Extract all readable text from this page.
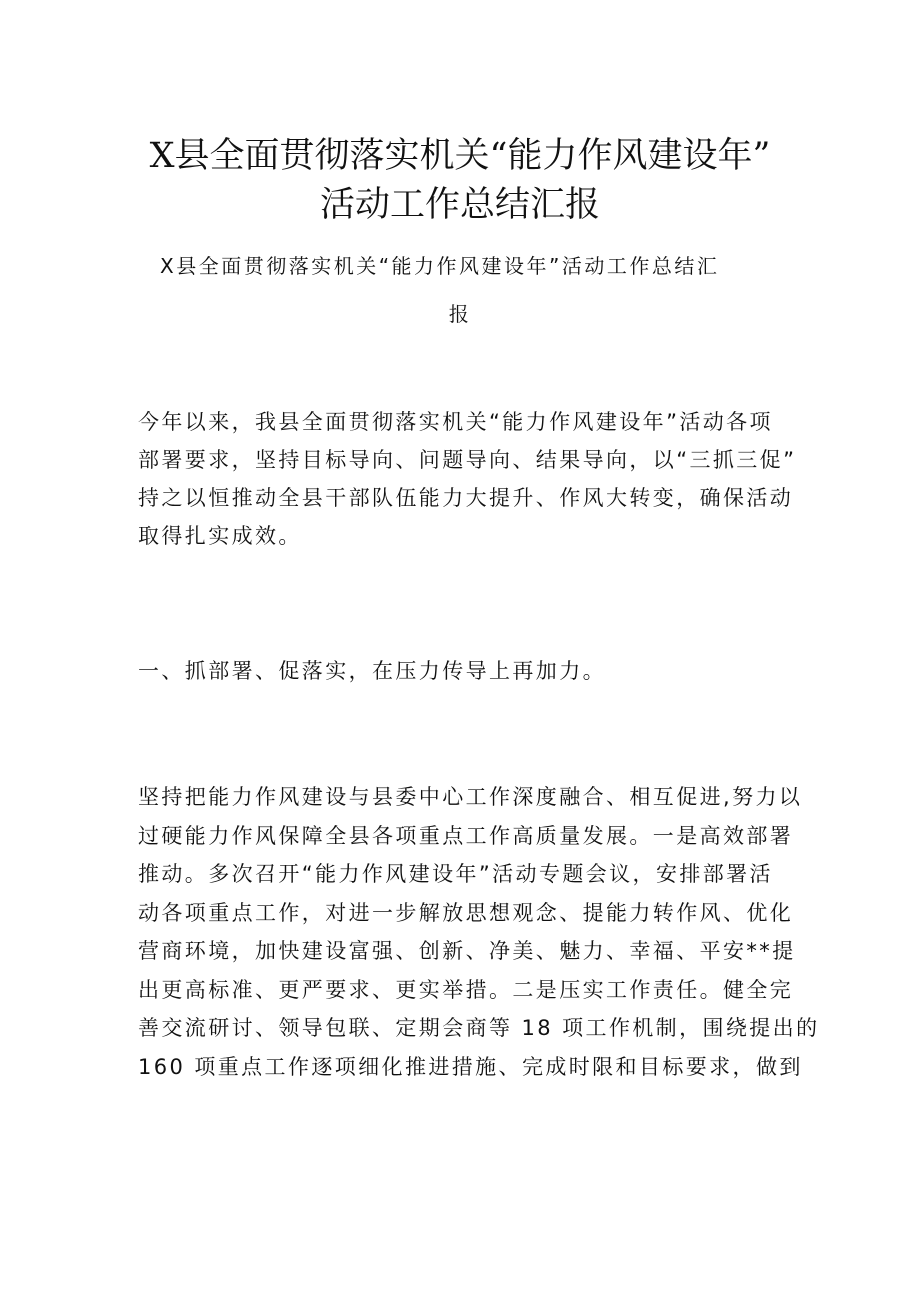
X县全面贯彻落实机关“能力作风建设年”
活动工作总结汇报

X县全面贯彻落实机关“能力作风建设年”活动工作总结汇

报

今年以来，我县全面贯彻落实机关“能力作风建设年”活动各项
部署要求，坚持目标导向、问题导向、结果导向，以“三抓三促”
持之以恒推动全县干部队伍能力大提升、作风大转变，确保活动
取得扎实成效。
一、抓部署、促落实，在压力传导上再加力。
坚持把能力作风建设与县委中心工作深度融合、相互促进,努力以
过硬能力作风保障全县各项重点工作高质量发展。一是高效部署
推动。多次召开“能力作风建设年”活动专题会议，安排部署活
动各项重点工作，对进一步解放思想观念、提能力转作风、优化
营商环境，加快建设富强、创新、净美、魅力、幸福、平安**提
出更高标准、更严要求、更实举措。二是压实工作责任。健全完
善交流研讨、领导包联、定期会商等 18 项工作机制，围绕提出的
160 项重点工作逐项细化推进措施、完成时限和目标要求，做到
